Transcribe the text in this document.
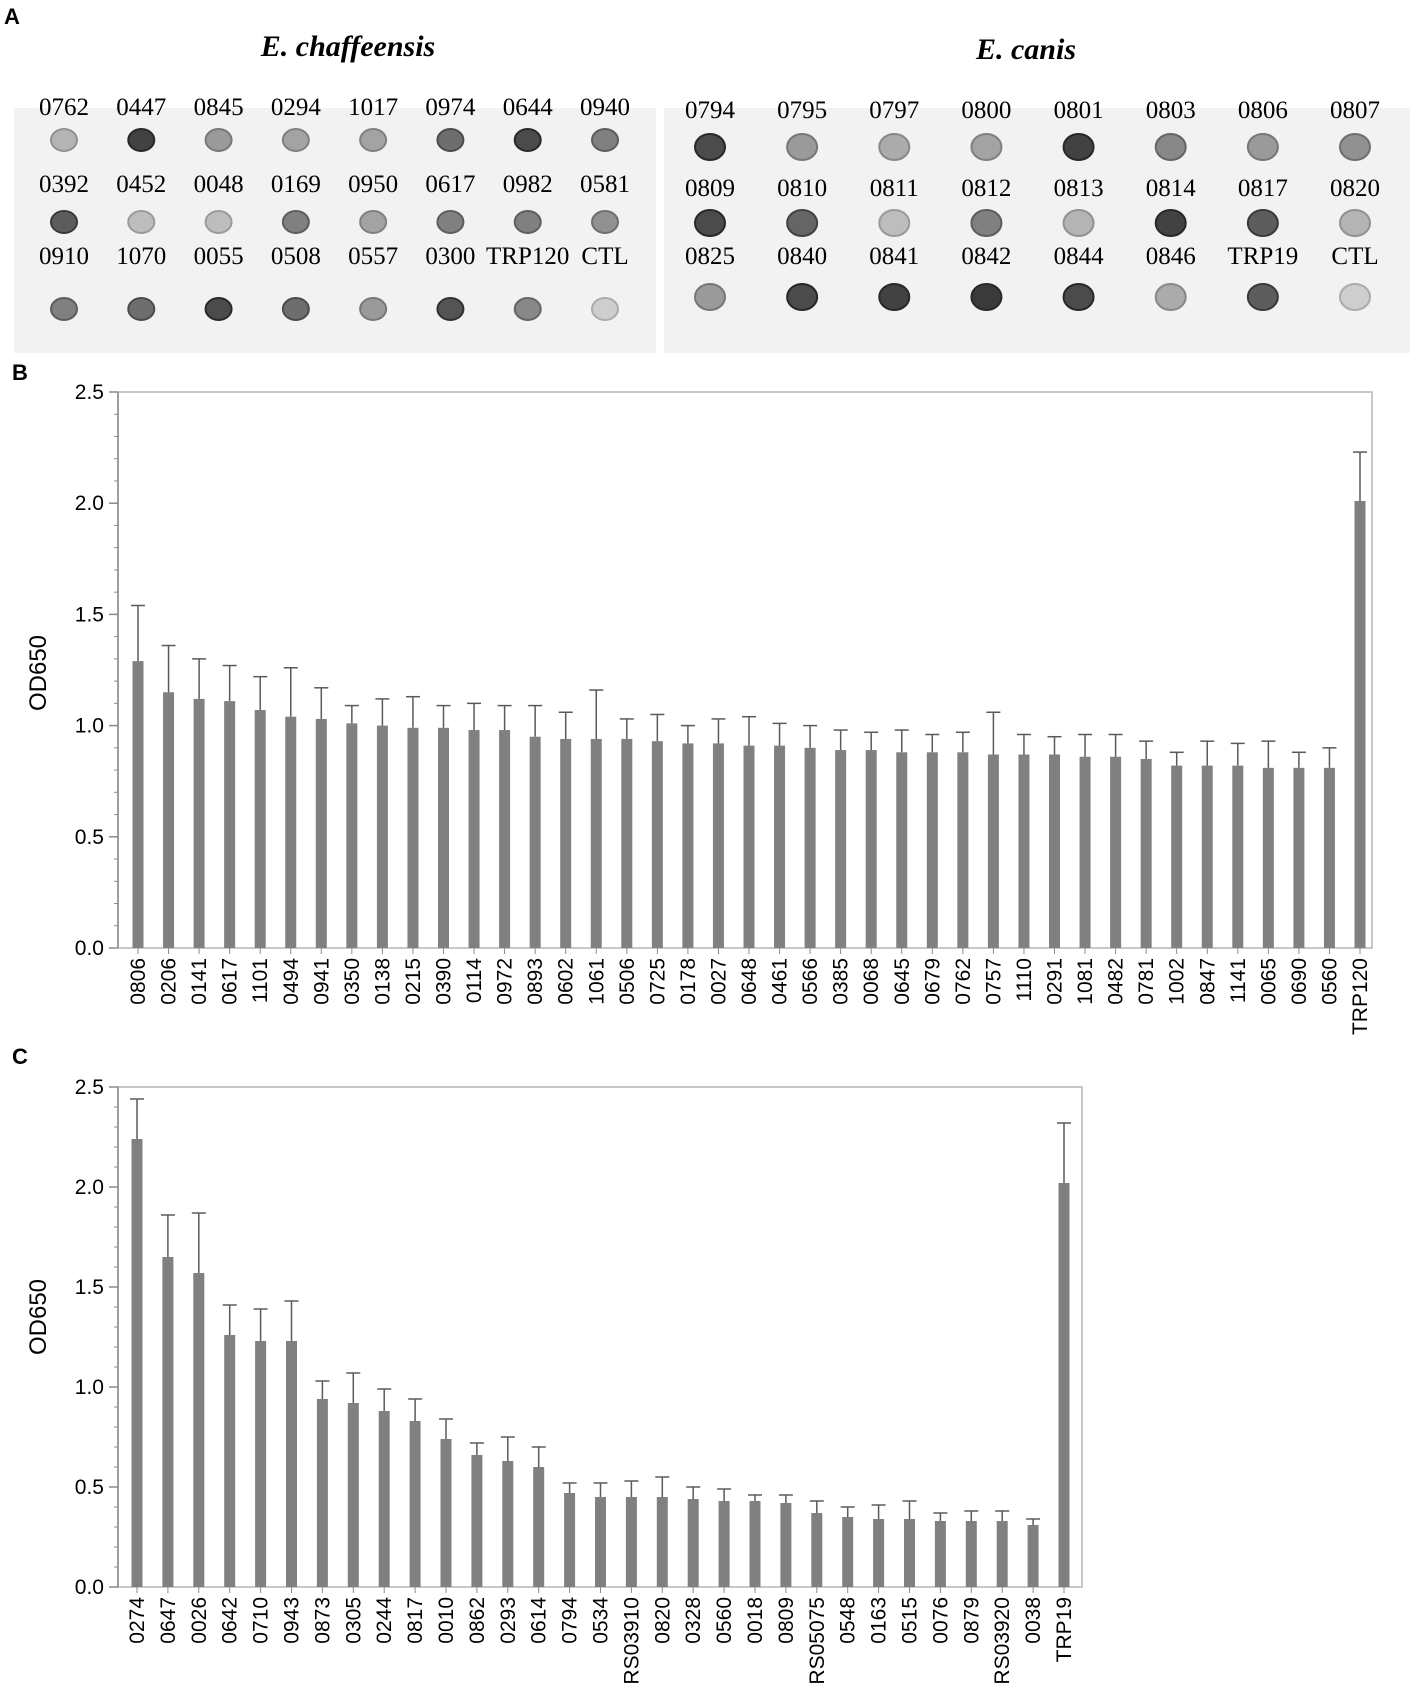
A
E. chaffeensis	E. canis
0762 0447 0845 0294 1017 0974 0644 0940
0392 0452 0048 0169 0950 0617 0982 0581
0910 1070 0055 0508 0557 0300 TRP120 CTL
0794 0795 0797 0800 0801 0803 0806 0807
0809 0810 0811 0812 0813 0814 0817 0820
0825 0840 0841 0842 0844 0846 TRP19 CTL
B
OD650
0.0
0.5
1.0
1.5
2.0
2.5
0806 0206 0141 0617 1101 0494 0941 0350 0138 0215 0390 0114 0972 0893 0602 1061 0506 0725 0178 0027 0648 0461 0566 0385 0068 0645 0679 0762 0757 1110 0291 1081 0482 0781 1002 0847 1141 0065 0690 0560 TRP120
C
OD650
0.0
0.5
1.0
1.5
2.0
2.5
0274 0647 0026 0642 0710 0943 0873 0305 0244 0817 0010 0862 0293 0614 0794 0534 RS03910 0820 0328 0560 0018 0809 RS05075 0548 0163 0515 0076 0879 RS03920 0038 TRP19
